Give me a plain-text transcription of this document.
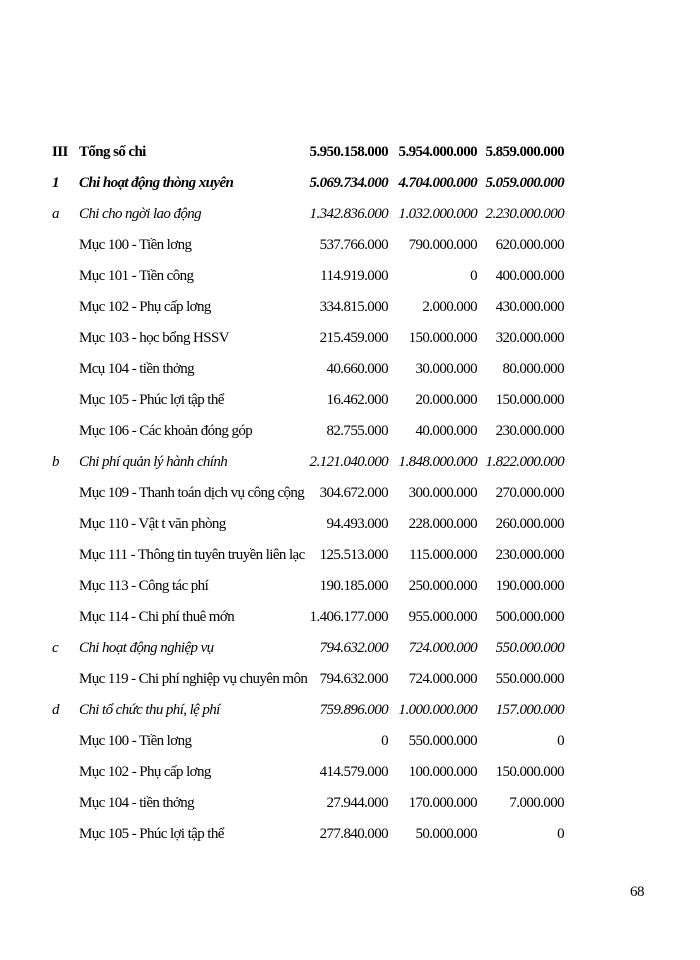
III Tổng số chi	5.950.158.000 5.954.000.000 5.859.000.000
1	Chi hoạt động thòng xuyên	5.069.734.000 4.704.000.000 5.059.000.000
a	Chi cho ngời lao động	1.342.836.000 1.032.000.000 2.230.000.000
Mục 100 - Tiền lơng	537.766.000	790.000.000	620.000.000
Mục 101 - Tiền công	114.919.000	0	400.000.000
Mục 102 - Phụ cấp lơng	334.815.000	2.000.000	430.000.000
Mục 103 - học bổng HSSV	215.459.000	150.000.000	320.000.000
Mcụ 104 - tiền thởng	40.660.000	30.000.000	80.000.000
Mục 105 - Phúc lợi tập thể	16.462.000	20.000.000	150.000.000
Mục 106 - Các khoản đóng góp	82.755.000	40.000.000	230.000.000
b	Chi phí quản lý hành chính	2.121.040.000 1.848.000.000 1.822.000.000
Mục 109 - Thanh toán dịch vụ công cộng	304.672.000	300.000.000	270.000.000
Mục 110 - Vật t văn phòng	94.493.000	228.000.000	260.000.000
Mục 111 - Thông tin tuyên truyền liên lạc 125.513.000	115.000.000	230.000.000
Mục 113 - Công tác phí	190.185.000	250.000.000	190.000.000
Mục 114 - Chi phí thuê mớn	1.406.177.000	955.000.000	500.000.000
c	Chi hoạt động nghiệp vụ	794.632.000	724.000.000	550.000.000
Mục 119 - Chi phí nghiệp vụ chuyên môn 794.632.000	724.000.000	550.000.000
d	Chi tổ chức thu phí, lệ phí	759.896.000 1.000.000.000	157.000.000
Mục 100 - Tiền lơng	0	550.000.000	0
Mục 102 - Phụ cấp lơng	414.579.000	100.000.000	150.000.000
Mục 104 - tiền thởng	27.944.000	170.000.000	7.000.000
Mục 105 - Phúc lợi tập thể	277.840.000	50.000.000	0
68
